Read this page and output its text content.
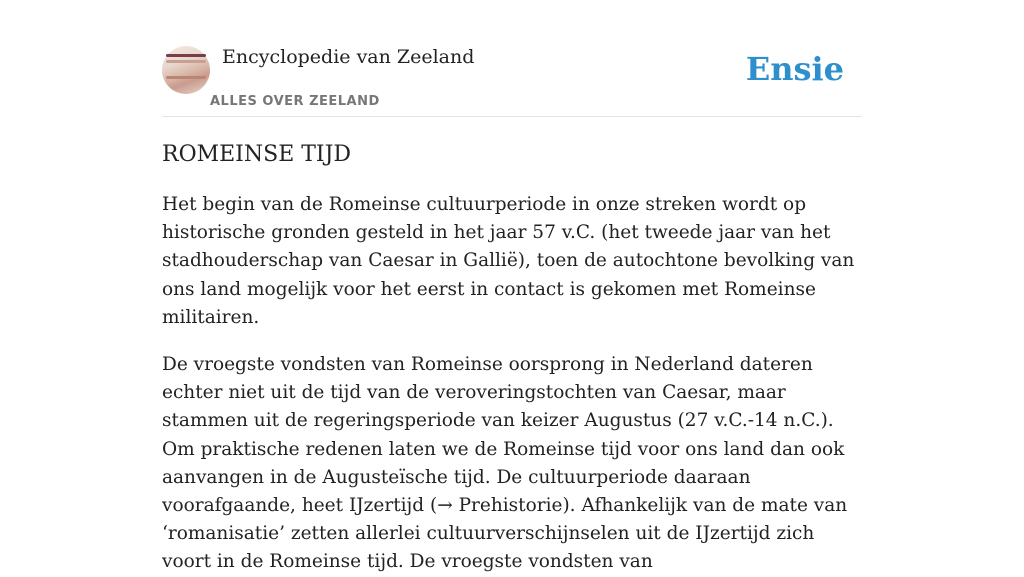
Encyclopedie van Zeeland
ALLES OVER ZEELAND
Ensie
ROMEINSE TIJD

Het begin van de Romeinse cultuurperiode in onze streken wordt op historische gronden gesteld in het jaar 57 v.C. (het tweede jaar van het stadhouderschap van Caesar in Gallië), toen de autochtone bevolking van ons land mogelijk voor het eerst in contact is gekomen met Romeinse militairen.

De vroegste vondsten van Romeinse oorsprong in Nederland dateren echter niet uit de tijd van de veroveringstochten van Caesar, maar stammen uit de regeringsperiode van keizer Augustus (27 v.C.-14 n.C.). Om praktische redenen laten we de Romeinse tijd voor ons land dan ook aanvangen in de Augusteïsche tijd. De cultuurperiode daaraan voorafgaande, heet IJzertijd (→ Prehistorie). Afhankelijk van de mate van ‘romanisatie’ zetten allerlei cultuurverschijnselen uit de IJzertijd zich voort in de Romeinse tijd. De vroegste vondsten van
